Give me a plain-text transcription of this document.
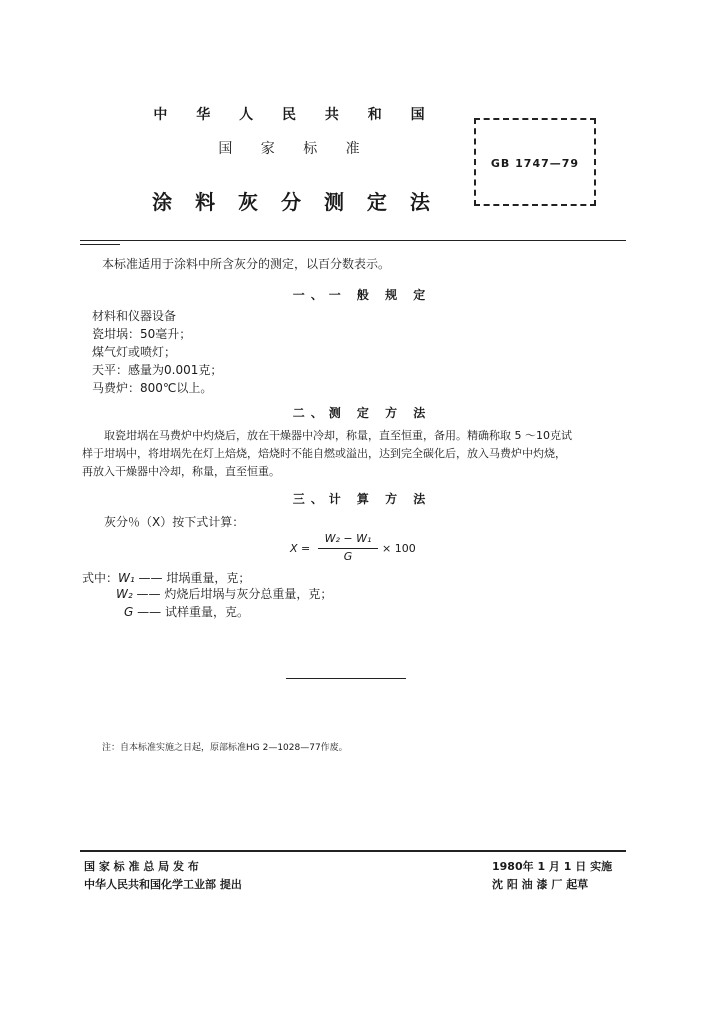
中 华 人 民 共 和 国
国 家 标 准
涂 料 灰 分 测 定 法
GB 1747—79
本标准适用于涂料中所含灰分的测定，以百分数表示。
一、一 般 规 定
材料和仪器设备
瓷坩埚：50毫升；
煤气灯或喷灯；
天平：感量为0.001克；
马费炉：800℃以上。
二、测 定 方 法
取瓷坩埚在马费炉中灼烧后，放在干燥器中冷却，称量，直至恒重，备用。精确称取 5 ～10克试
样于坩埚中，将坩埚先在灯上焙烧，焙烧时不能自燃或溢出，达到完全碳化后，放入马费炉中灼烧，
再放入干燥器中冷却，称量，直至恒重。
三、计 算 方 法
灰分％（X）按下式计算：
X =
W₂ − W₁
G
× 100
式中：W₁ —— 坩埚重量，克；
W₂ —— 灼烧后坩埚与灰分总重量，克；
G —— 试样重量，克。
注：自本标准实施之日起，原部标准HG 2—1028—77作废。
国 家 标 准 总 局 发 布
中华人民共和国化学工业部 提出
1980年 1 月 1 日 实施
沈 阳 油 漆 厂 起草
